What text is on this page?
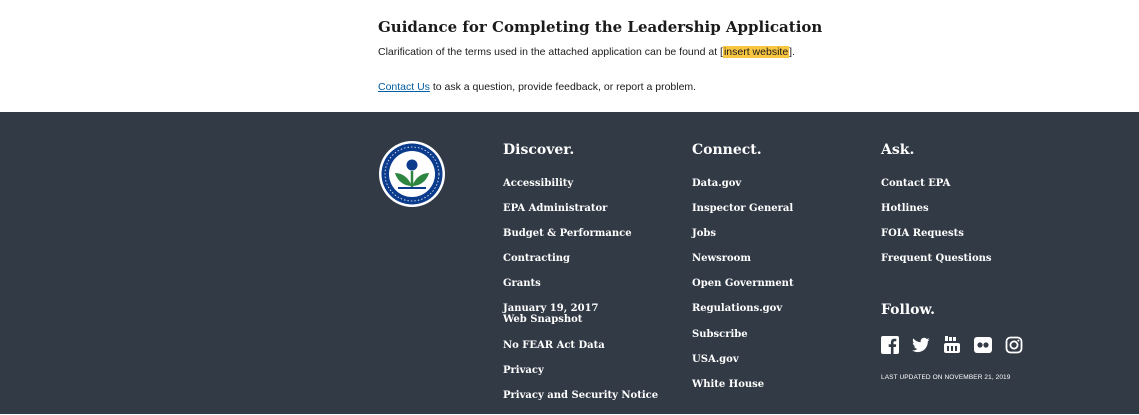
Guidance for Completing the Leadership Application
Clarification of the terms used in the attached application can be found at [insert website].
Contact Us to ask a question, provide feedback, or report a problem.
Discover.
Accessibility
EPA Administrator
Budget & Performance
Contracting
Grants
January 19, 2017 Web Snapshot
No FEAR Act Data
Privacy
Privacy and Security Notice
Connect.
Data.gov
Inspector General
Jobs
Newsroom
Open Government
Regulations.gov
Subscribe
USA.gov
White House
Ask.
Contact EPA
Hotlines
FOIA Requests
Frequent Questions
Follow.
LAST UPDATED ON NOVEMBER 21, 2019
